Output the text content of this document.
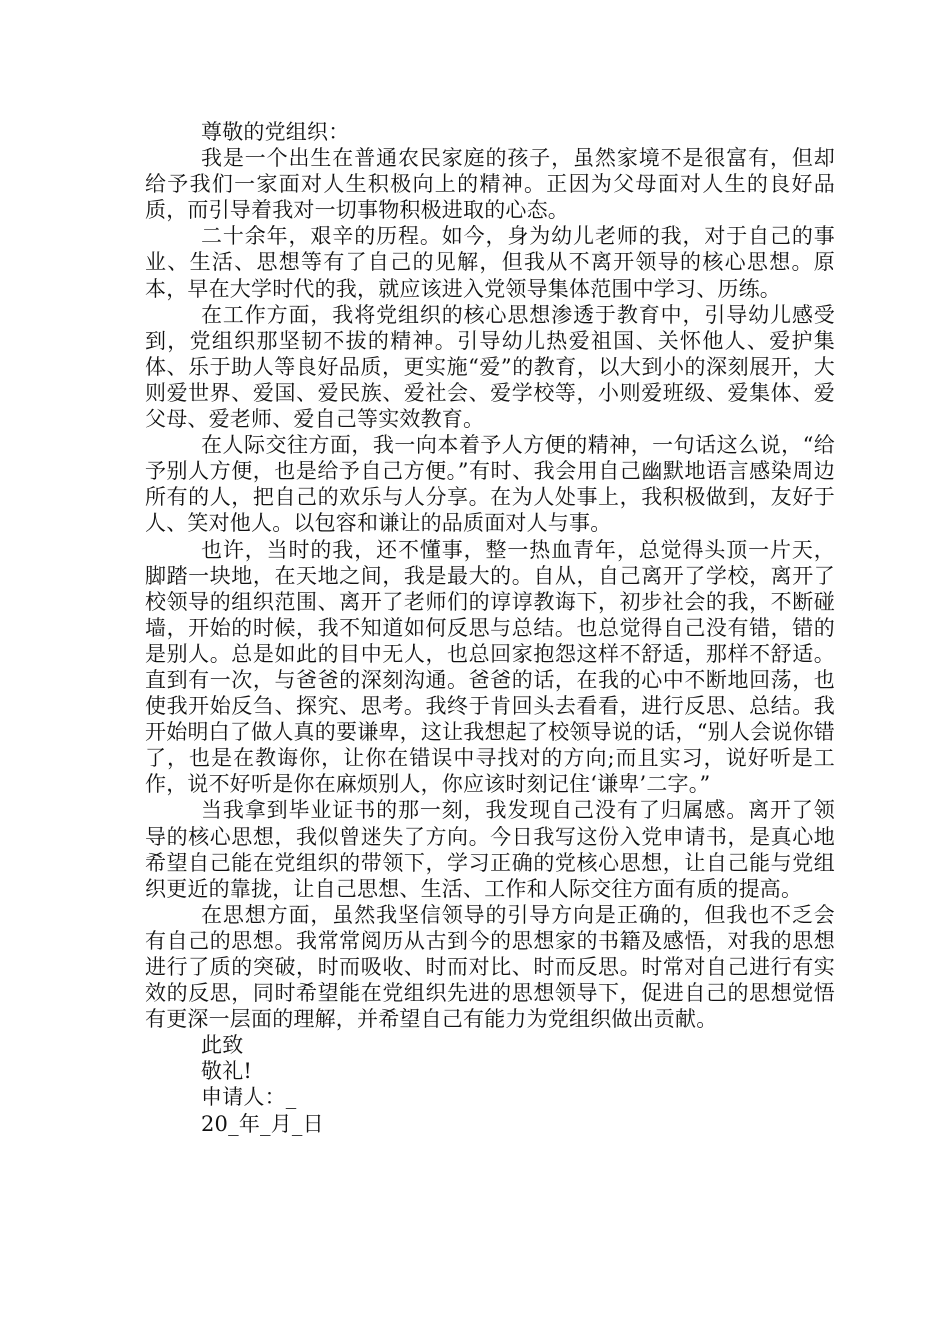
尊敬的党组织：

我是一个出生在普通农民家庭的孩子，虽然家境不是很富有，但却给予我们一家面对人生积极向上的精神。正因为父母面对人生的良好品质，而引导着我对一切事物积极进取的心态。

二十余年，艰辛的历程。如今，身为幼儿老师的我，对于自己的事业、生活、思想等有了自己的见解，但我从不离开领导的核心思想。原本，早在大学时代的我，就应该进入党领导集体范围中学习、历练。

在工作方面，我将党组织的核心思想渗透于教育中，引导幼儿感受到，党组织那坚韧不拔的精神。引导幼儿热爱祖国、关怀他人、爱护集体、乐于助人等良好品质，更实施“爱”的教育，以大到小的深刻展开，大则爱世界、爱国、爱民族、爱社会、爱学校等，小则爱班级、爱集体、爱父母、爱老师、爱自己等实效教育。

在人际交往方面，我一向本着予人方便的精神，一句话这么说，“给予别人方便，也是给予自己方便。”有时、我会用自己幽默地语言感染周边所有的人，把自己的欢乐与人分享。在为人处事上，我积极做到，友好于人、笑对他人。以包容和谦让的品质面对人与事。

也许，当时的我，还不懂事，整一热血青年，总觉得头顶一片天，脚踏一块地，在天地之间，我是最大的。自从，自己离开了学校，离开了校领导的组织范围、离开了老师们的谆谆教诲下，初步社会的我，不断碰墙，开始的时候，我不知道如何反思与总结。也总觉得自己没有错，错的是别人。总是如此的目中无人，也总回家抱怨这样不舒适，那样不舒适。直到有一次，与爸爸的深刻沟通。爸爸的话，在我的心中不断地回荡，也使我开始反刍、探究、思考。我终于肯回头去看看，进行反思、总结。我开始明白了做人真的要谦卑，这让我想起了校领导说的话，“别人会说你错了，也是在教诲你，让你在错误中寻找对的方向;而且实习，说好听是工作，说不好听是你在麻烦别人，你应该时刻记住‘谦卑’二字。”

当我拿到毕业证书的那一刻，我发现自己没有了归属感。离开了领导的核心思想，我似曾迷失了方向。今日我写这份入党申请书，是真心地希望自己能在党组织的带领下，学习正确的党核心思想，让自己能与党组织更近的靠拢，让自己思想、生活、工作和人际交往方面有质的提高。

在思想方面，虽然我坚信领导的引导方向是正确的，但我也不乏会有自己的思想。我常常阅历从古到今的思想家的书籍及感悟，对我的思想进行了质的突破，时而吸收、时而对比、时而反思。时常对自己进行有实效的反思，同时希望能在党组织先进的思想领导下，促进自己的思想觉悟有更深一层面的理解，并希望自己有能力为党组织做出贡献。

此致

敬礼!

申请人：_

20_年_月_日
